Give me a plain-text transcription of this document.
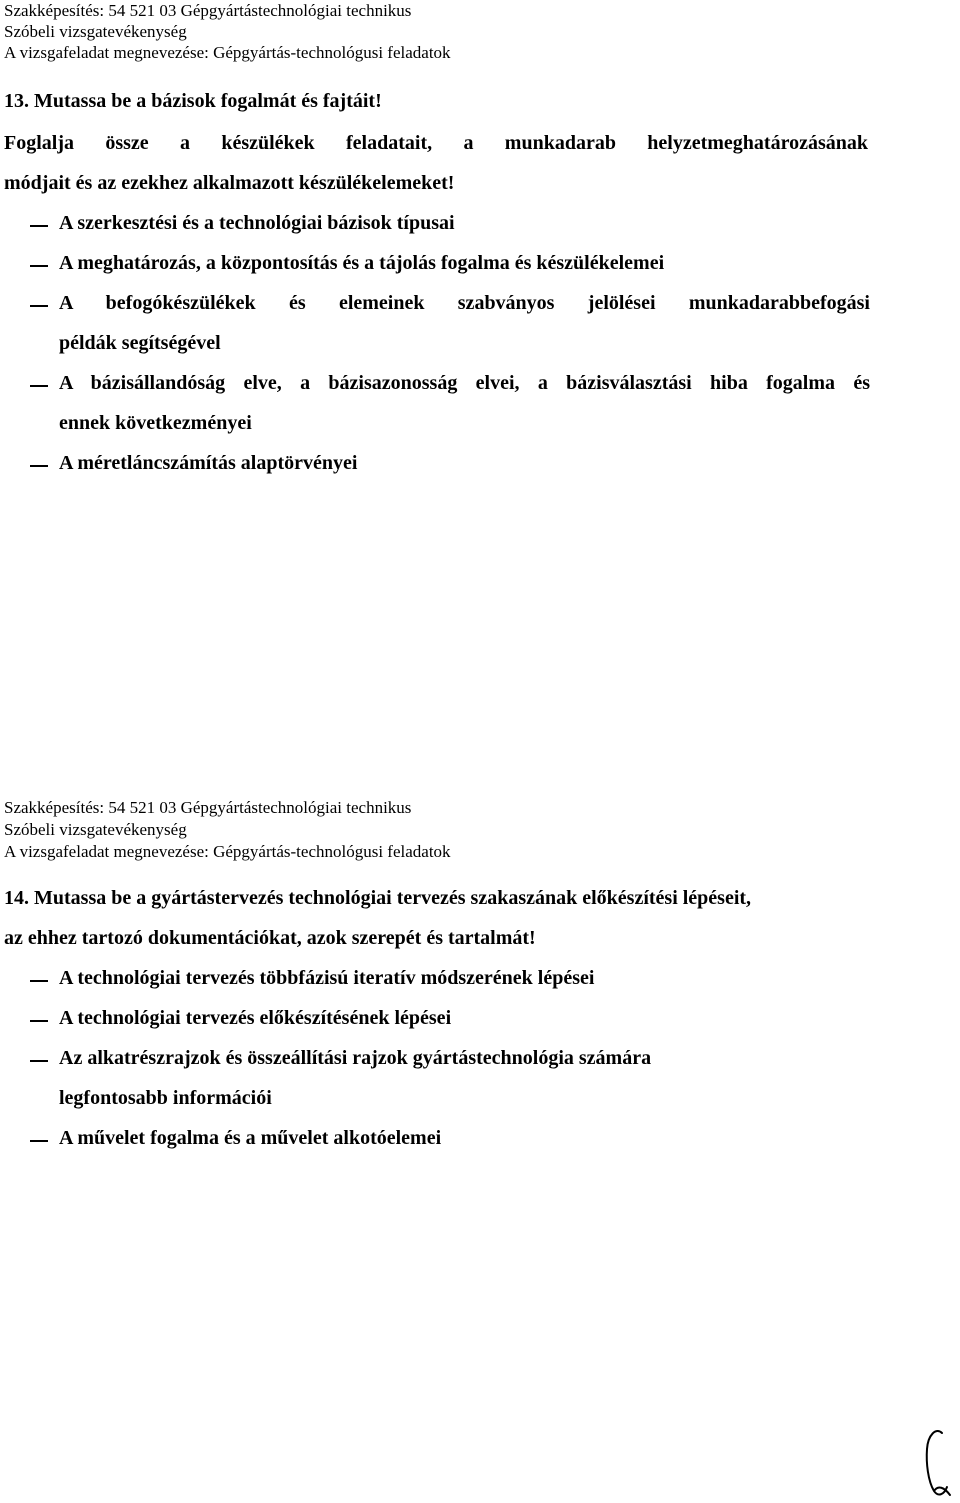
Szakképesítés: 54 521 03 Gépgyártástechnológiai technikus
Szóbeli vizsgatevékenység
A vizsgafeladat megnevezése: Gépgyártás-technológusi feladatok
13. Mutassa be a bázisok fogalmát és fajtáit!
Foglalja össze a készülékek feladatait, a munkadarab helyzetmeghatározásának
módjait és az ezekhez alkalmazott készülékelemeket!
A szerkesztési és a technológiai bázisok típusai
A meghatározás, a központosítás és a tájolás fogalma és készülékelemei
A befogókészülékek és elemeinek szabványos jelölései munkadarabbefogási
példák segítségével
A bázisállandóság elve, a bázisazonosság elvei, a bázisválasztási hiba fogalma és
ennek következményei
A méretláncszámítás alaptörvényei
Szakképesítés: 54 521 03 Gépgyártástechnológiai technikus
Szóbeli vizsgatevékenység
A vizsgafeladat megnevezése: Gépgyártás-technológusi feladatok
14. Mutassa be a gyártástervezés technológiai tervezés szakaszának előkészítési lépéseit,
az ehhez tartozó dokumentációkat, azok szerepét és tartalmát!
A technológiai tervezés többfázisú iteratív módszerének lépései
A technológiai tervezés előkészítésének lépései
Az alkatrészrajzok és összeállítási rajzok gyártástechnológia számára
legfontosabb információi
A művelet fogalma és a művelet alkotóelemei
